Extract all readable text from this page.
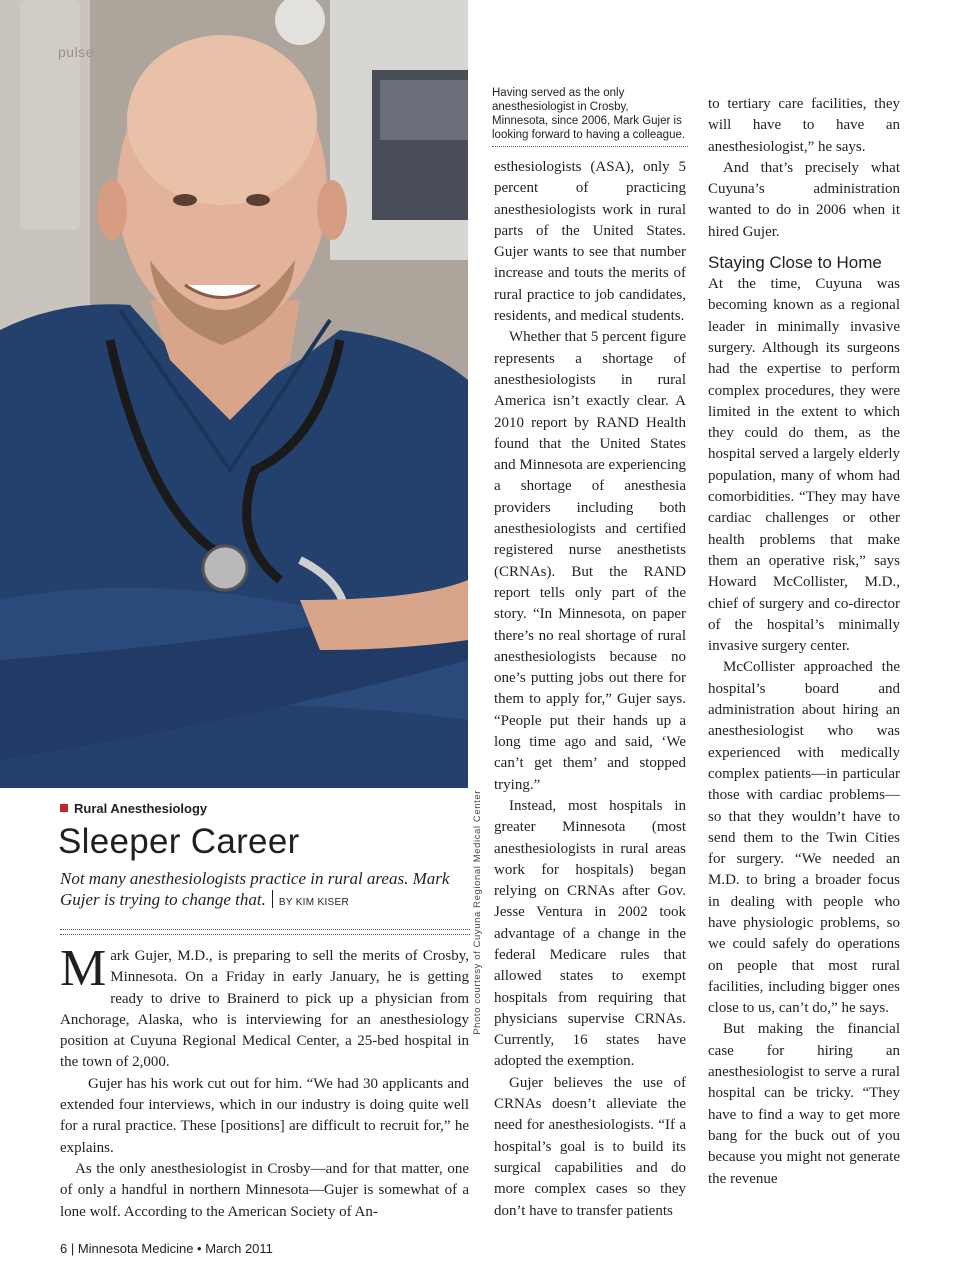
pulse
Photo courtesy of Cuyuna Regional Medical Center
Rural Anesthesiology
Sleeper Career
Not many anesthesiologists practice in rural areas. Mark Gujer is trying to change that. BY KIM KISER

Mark Gujer, M.D., is preparing to sell the merits of Crosby, Minnesota. On a Friday in early January, he is getting ready to drive to Brainerd to pick up a physician from Anchorage, Alaska, who is interviewing for an anesthesiology position at Cuyuna Regional Medical Center, a 25-bed hospital in the town of 2,000.

Gujer has his work cut out for him. “We had 30 applicants and extended four interviews, which in our industry is doing quite well for a rural practice. These [positions] are difficult to recruit for,” he explains.

As the only anesthesiologist in Crosby—and for that matter, one of only a handful in northern Minnesota—Gujer is somewhat of a lone wolf. According to the American Society of An-

Having served as the only anesthesiologist in Crosby, Minnesota, since 2006, Mark Gujer is looking forward to having a colleague.

esthesiologists (ASA), only 5 percent of practicing anesthesiologists work in rural parts of the United States. Gujer wants to see that number increase and touts the merits of rural practice to job candidates, residents, and medical students.

Whether that 5 percent figure represents a shortage of anesthesiologists in rural America isn’t exactly clear. A 2010 report by RAND Health found that the United States and Minnesota are experiencing a shortage of anesthesia providers including both anesthesiologists and certified registered nurse anesthetists (CRNAs). But the RAND report tells only part of the story. “In Minnesota, on paper there’s no real shortage of rural anesthesiologists because no one’s putting jobs out there for them to apply for,” Gujer says. “People put their hands up a long time ago and said, ‘We can’t get them’ and stopped trying.”

Instead, most hospitals in greater Minnesota (most anesthesiologists in rural areas work for hospitals) began relying on CRNAs after Gov. Jesse Ventura in 2002 took advantage of a change in the federal Medicare rules that allowed states to exempt hospitals from requiring that physicians supervise CRNAs. Currently, 16 states have adopted the exemption.

Gujer believes the use of CRNAs doesn’t alleviate the need for anesthesiologists. “If a hospital’s goal is to build its surgical capabilities and do more complex cases so they don’t have to transfer patients

to tertiary care facilities, they will have to have an anesthesiologist,” he says.

And that’s precisely what Cuyuna’s administration wanted to do in 2006 when it hired Gujer.

Staying Close to Home

At the time, Cuyuna was becoming known as a regional leader in minimally invasive surgery. Although its surgeons had the expertise to perform complex procedures, they were limited in the extent to which they could do them, as the hospital served a largely elderly population, many of whom had comorbidities. “They may have cardiac challenges or other health problems that make them an operative risk,” says Howard McCollister, M.D., chief of surgery and co-director of the hospital’s minimally invasive surgery center.

McCollister approached the hospital’s board and administration about hiring an anesthesiologist who was experienced with medically complex patients—in particular those with cardiac problems—so that they wouldn’t have to send them to the Twin Cities for surgery. “We needed an M.D. to bring a broader focus in dealing with people who have physiologic problems, so we could safely do operations on people that most rural facilities, including bigger ones close to us, can’t do,” he says.

But making the financial case for hiring an anesthesiologist to serve a rural hospital can be tricky. “They have to find a way to get more bang for the buck out of you because you might not generate the revenue

6 | Minnesota Medicine • March 2011
